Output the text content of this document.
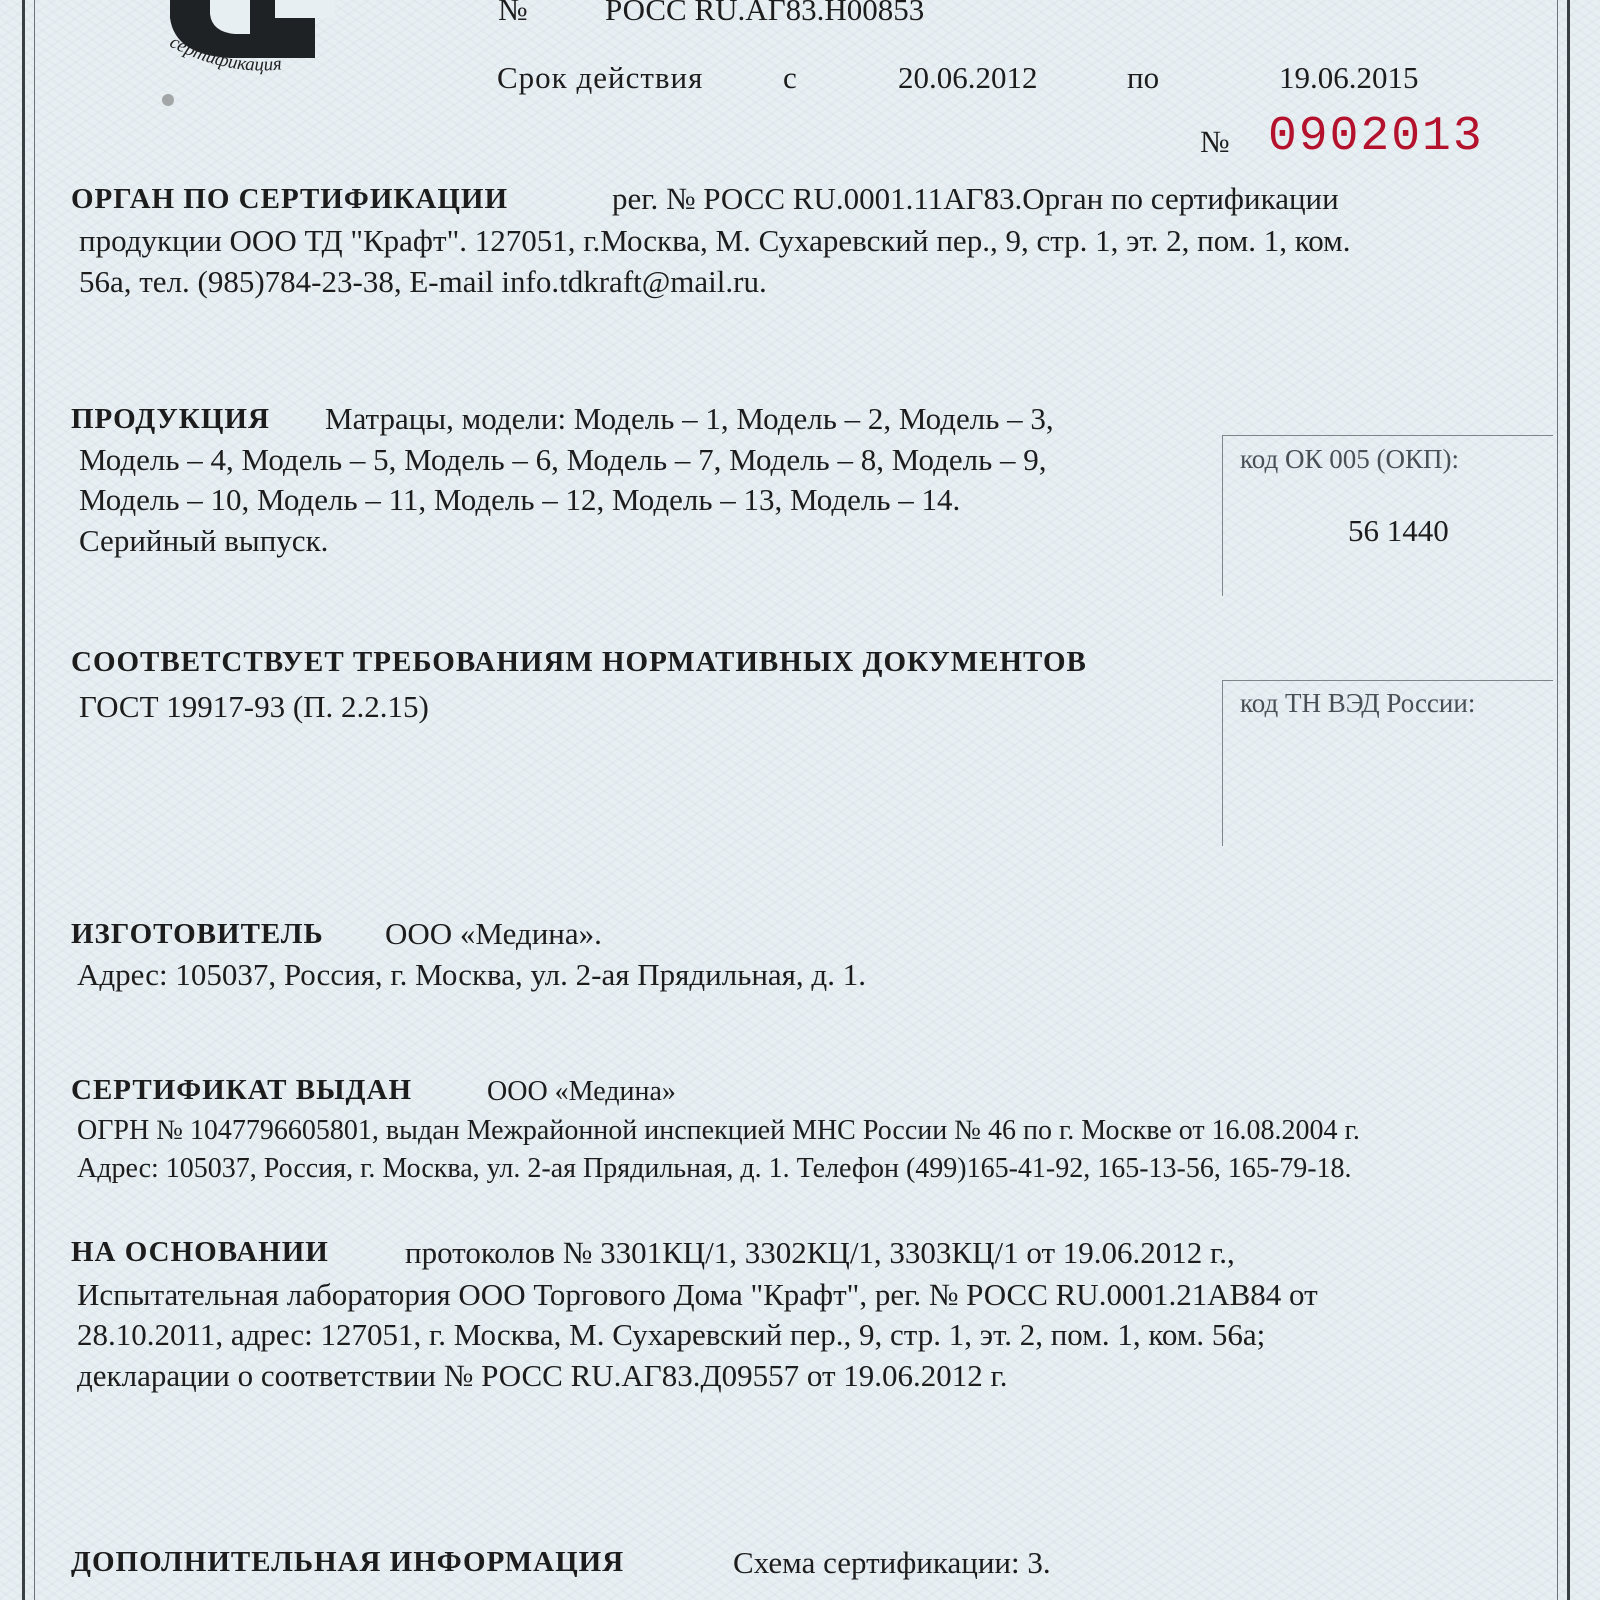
сертификация
№ РОСС RU.АГ83.Н00853
Срок действия	с	20.06.2012	по	19.06.2015
№ 0902013
ОРГАН ПО СЕРТИФИКАЦИИ	рег. № РОСС RU.0001.11АГ83.Орган по сертификации
продукции ООО ТД "Крафт". 127051, г.Москва, М. Сухаревский пер., 9, стр. 1, эт. 2, пом. 1, ком.
56а, тел. (985)784-23-38, E-mail info.tdkraft@mail.ru.
ПРОДУКЦИЯ Матрацы, модели: Модель – 1, Модель – 2, Модель – 3,
Модель – 4, Модель – 5, Модель – 6, Модель – 7, Модель – 8, Модель – 9,
Модель – 10, Модель – 11, Модель – 12, Модель – 13, Модель – 14.
Серийный выпуск.
код ОК 005 (ОКП):
56 1440
СООТВЕТСТВУЕТ ТРЕБОВАНИЯМ НОРМАТИВНЫХ ДОКУМЕНТОВ
ГОСТ 19917-93 (П. 2.2.15)	код ТН ВЭД России:
ИЗГОТОВИТЕЛЬ ООО «Медина».
Адрес: 105037, Россия, г. Москва, ул. 2-ая Прядильная, д. 1.
СЕРТИФИКАТ ВЫДАН	ООО «Медина»
ОГРН № 1047796605801, выдан Межрайонной инспекцией МНС России № 46 по г. Москве от 16.08.2004 г.
Адрес: 105037, Россия, г. Москва, ул. 2-ая Прядильная, д. 1. Телефон (499)165-41-92, 165-13-56, 165-79-18.
НА ОСНОВАНИИ протоколов № 3301КЦ/1, 3302КЦ/1, 3303КЦ/1 от 19.06.2012 г.,
Испытательная лаборатория ООО Торгового Дома "Крафт", рег. № РОСС RU.0001.21АВ84 от
28.10.2011, адрес: 127051, г. Москва, М. Сухаревский пер., 9, стр. 1, эт. 2, пом. 1, ком. 56а;
декларации о соответствии № РОСС RU.АГ83.Д09557 от 19.06.2012 г.
ДОПОЛНИТЕЛЬНАЯ ИНФОРМАЦИЯ	Схема сертификации: 3.
